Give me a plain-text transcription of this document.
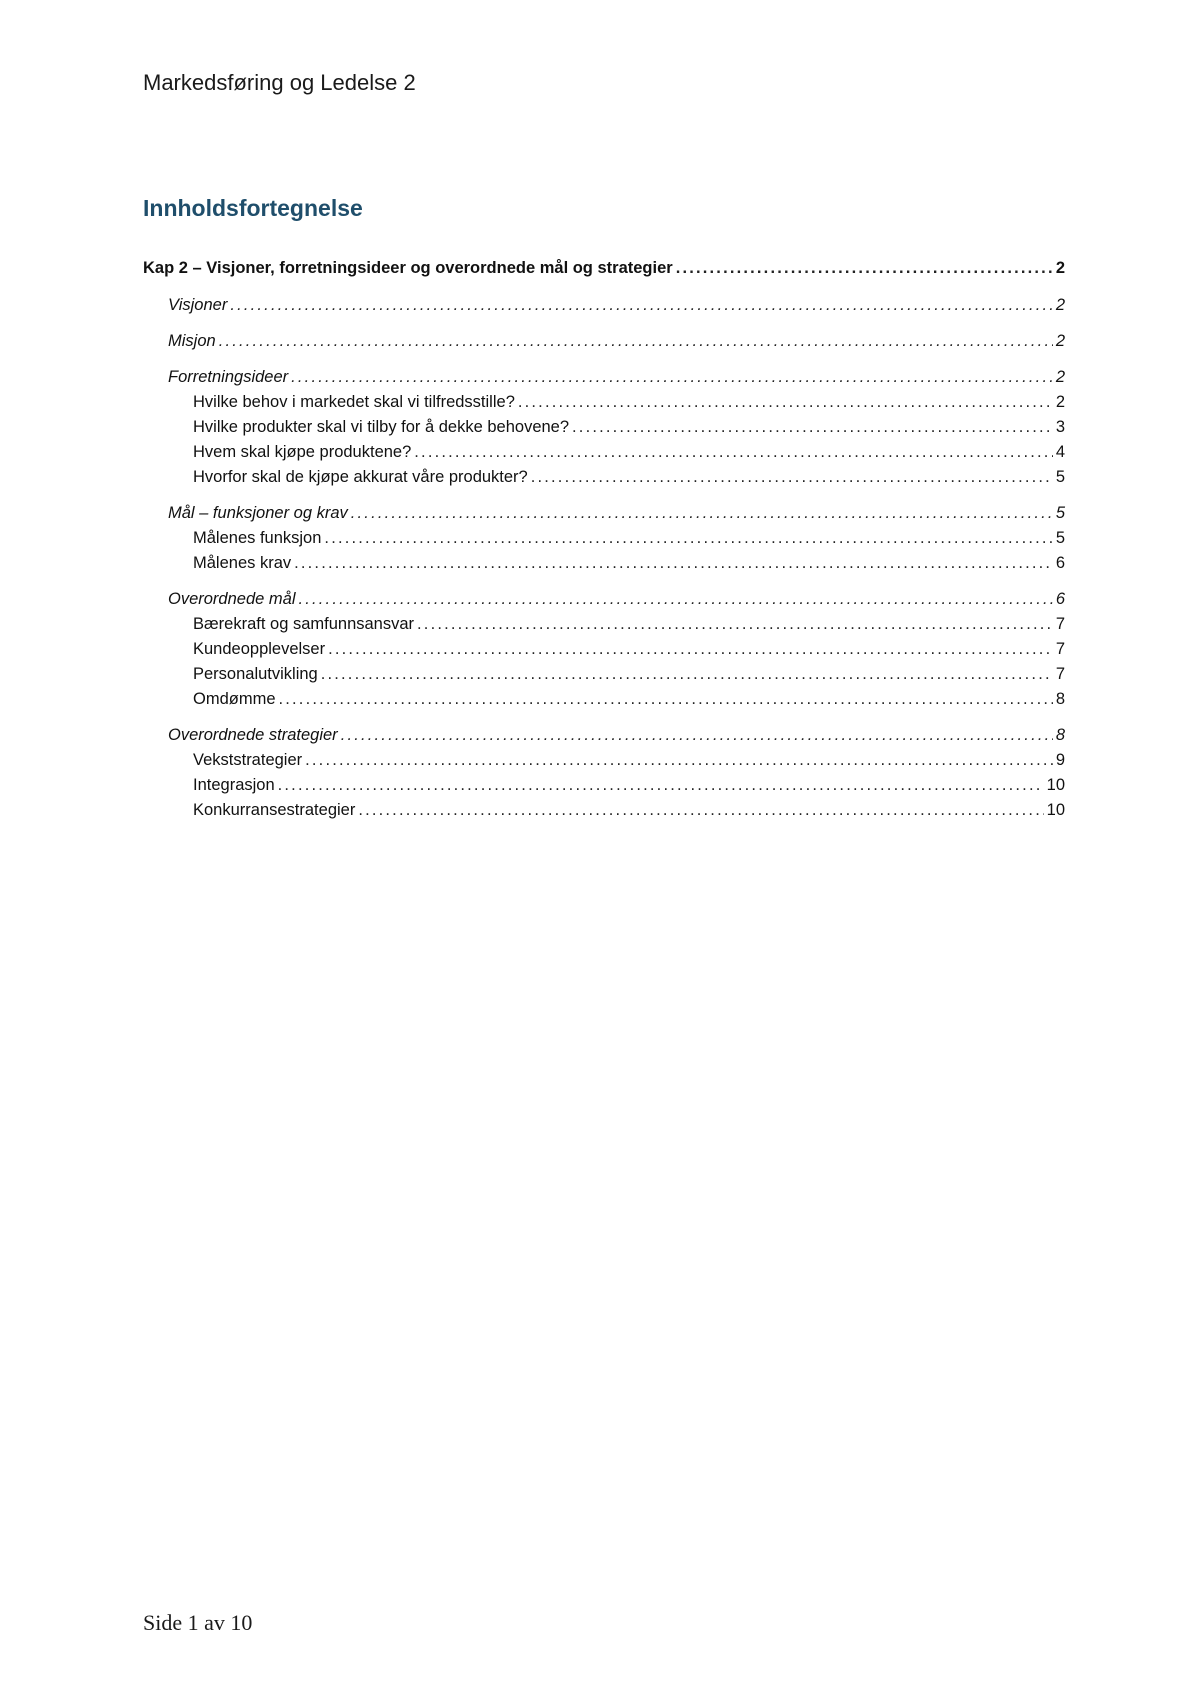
Markedsføring og Ledelse 2
Innholdsfortegnelse
Kap 2 – Visjoner, forretningsideer og overordnede mål og strategier . . .	2
Visjoner . . .	2
Misjon . . .	2
Forretningsideer . . .	2
Hvilke behov i markedet skal vi tilfredsstille? . . .	2
Hvilke produkter skal vi tilby for å dekke behovene? . . .	3
Hvem skal kjøpe produktene? . . .	4
Hvorfor skal de kjøpe akkurat våre produkter? . . .	5
Mål – funksjoner og krav . . .	5
Målenes funksjon . . .	5
Målenes krav . . .	6
Overordnede mål . . .	6
Bærekraft og samfunnsansvar . . .	7
Kundeopplevelser . . .	7
Personalutvikling . . .	7
Omdømme . . .	8
Overordnede strategier . . .	8
Vekststrategier . . .	9
Integrasjon . . .	10
Konkurransestrategier . . .	10
Side 1 av 10
